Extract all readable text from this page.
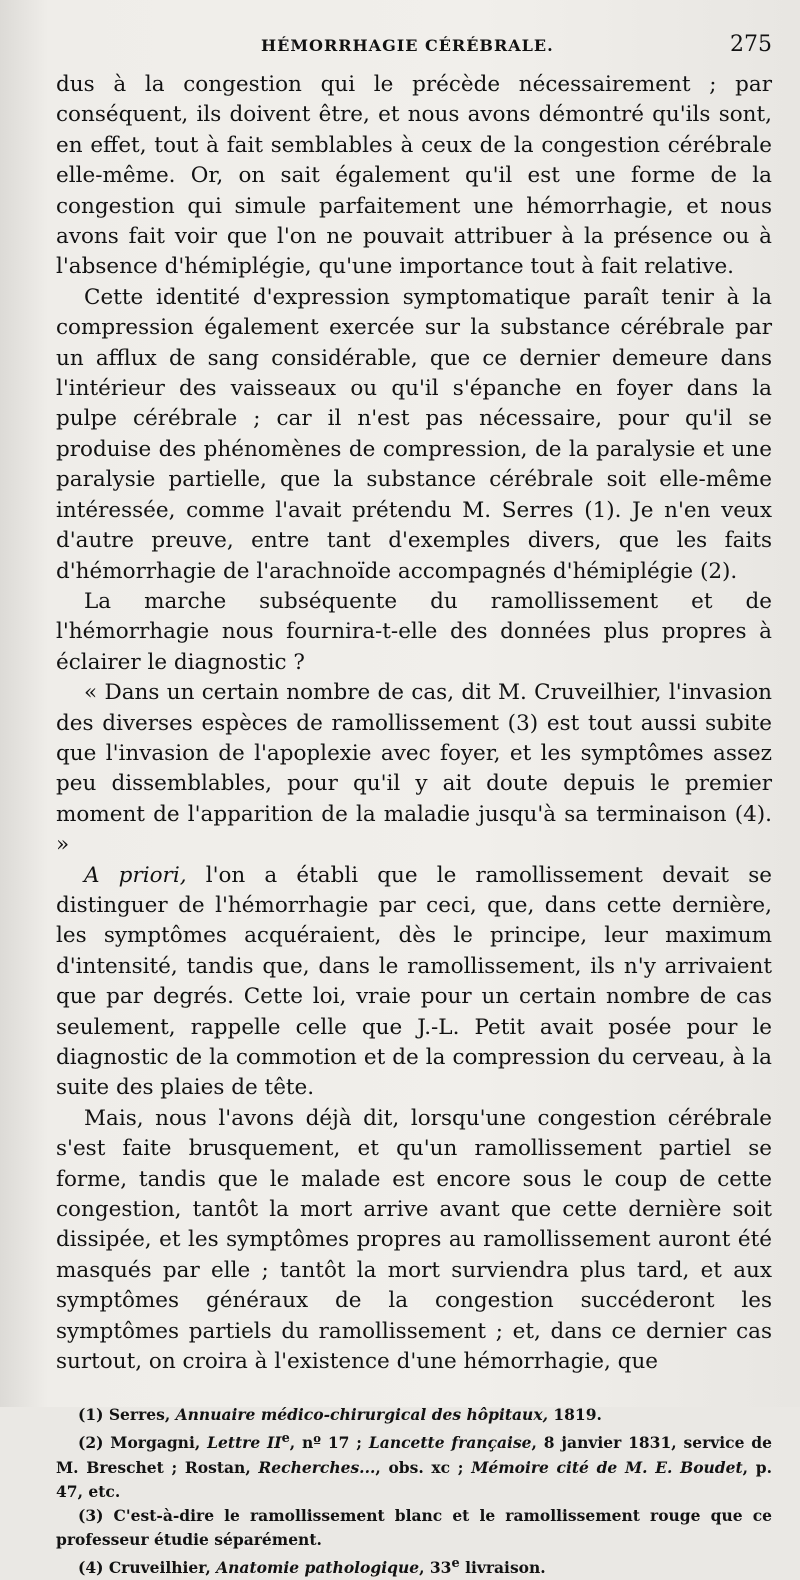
HÉMORRHAGIE CÉRÉBRALE.	275

dus à la congestion qui le précède nécessairement ; par conséquent, ils doivent être, et nous avons démontré qu'ils sont, en effet, tout à fait semblables à ceux de la congestion cérébrale elle-même. Or, on sait également qu'il est une forme de la congestion qui simule parfaitement une hémorrhagie, et nous avons fait voir que l'on ne pouvait attribuer à la présence ou à l'absence d'hémiplégie, qu'une importance tout à fait relative.

Cette identité d'expression symptomatique paraît tenir à la compression également exercée sur la substance cérébrale par un afflux de sang considérable, que ce dernier demeure dans l'intérieur des vaisseaux ou qu'il s'épanche en foyer dans la pulpe cérébrale ; car il n'est pas nécessaire, pour qu'il se produise des phénomènes de compression, de la paralysie et une paralysie partielle, que la substance cérébrale soit elle-même intéressée, comme l'avait prétendu M. Serres (1). Je n'en veux d'autre preuve, entre tant d'exemples divers, que les faits d'hémorrhagie de l'arachnoïde accompagnés d'hémiplégie (2).

La marche subséquente du ramollissement et de l'hémorrhagie nous fournira-t-elle des données plus propres à éclairer le diagnostic ?

« Dans un certain nombre de cas, dit M. Cruveilhier, l'invasion des diverses espèces de ramollissement (3) est tout aussi subite que l'invasion de l'apoplexie avec foyer, et les symptômes assez peu dissemblables, pour qu'il y ait doute depuis le premier moment de l'apparition de la maladie jusqu'à sa terminaison (4). »

A priori, l'on a établi que le ramollissement devait se distinguer de l'hémorrhagie par ceci, que, dans cette dernière, les symptômes acquéraient, dès le principe, leur maximum d'intensité, tandis que, dans le ramollissement, ils n'y arrivaient que par degrés. Cette loi, vraie pour un certain nombre de cas seulement, rappelle celle que J.-L. Petit avait posée pour le diagnostic de la commotion et de la compression du cerveau, à la suite des plaies de tête.

Mais, nous l'avons déjà dit, lorsqu'une congestion cérébrale s'est faite brusquement, et qu'un ramollissement partiel se forme, tandis que le malade est encore sous le coup de cette congestion, tantôt la mort arrive avant que cette dernière soit dissipée, et les symptômes propres au ramollissement auront été masqués par elle ; tantôt la mort surviendra plus tard, et aux symptômes généraux de la congestion succéderont les symptômes partiels du ramollissement ; et, dans ce dernier cas surtout, on croira à l'existence d'une hémorrhagie, que

(1) Serres, Annuaire médico-chirurgical des hôpitaux, 1819.

(2) Morgagni, Lettre IIe, nº 17 ; Lancette française, 8 janvier 1831, service de M. Breschet ; Rostan, Recherches..., obs. xc ; Mémoire cité de M. E. Boudet, p. 47, etc.

(3) C'est-à-dire le ramollissement blanc et le ramollissement rouge que ce professeur étudie séparément.

(4) Cruveilhier, Anatomie pathologique, 33e livraison.
